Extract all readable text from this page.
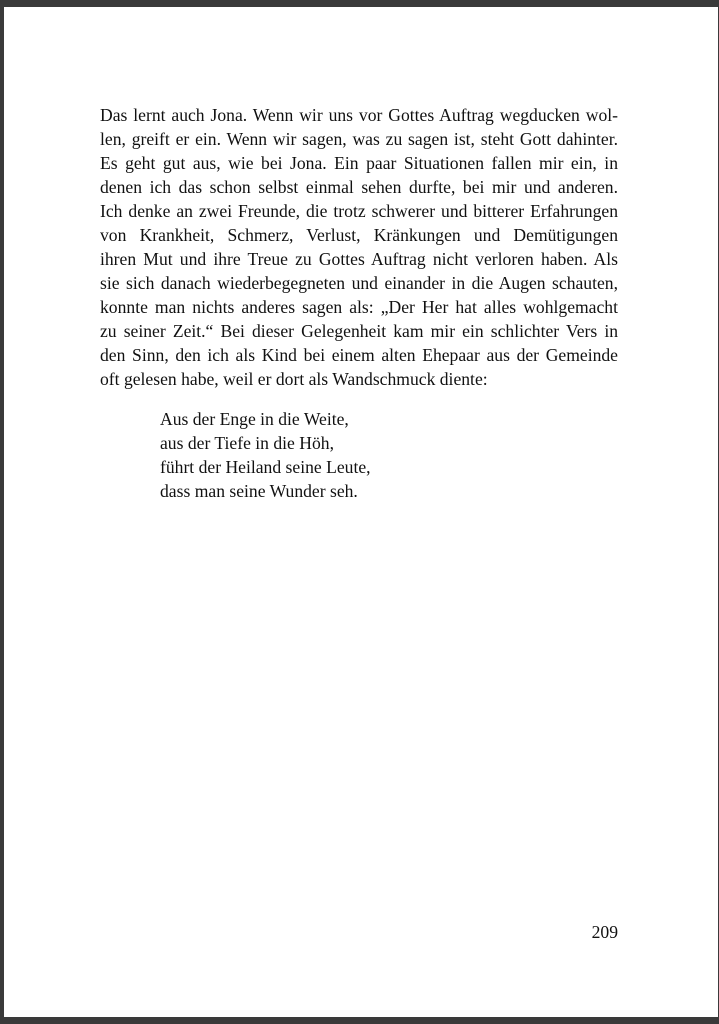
Das lernt auch Jona. Wenn wir uns vor Gottes Auftrag wegducken wol-
len, greift er ein. Wenn wir sagen, was zu sagen ist, steht Gott dahinter.
Es geht gut aus, wie bei Jona. Ein paar Situationen fallen mir ein, in
denen ich das schon selbst einmal sehen durfte, bei mir und anderen.
Ich denke an zwei Freunde, die trotz schwerer und bitterer Erfahrungen
von Krankheit, Schmerz, Verlust, Kränkungen und Demütigungen
ihren Mut und ihre Treue zu Gottes Auftrag nicht verloren haben. Als
sie sich danach wiederbegegneten und einander in die Augen schauten,
konnte man nichts anderes sagen als: „Der Her hat alles wohlgemacht
zu seiner Zeit.“ Bei dieser Gelegenheit kam mir ein schlichter Vers in
den Sinn, den ich als Kind bei einem alten Ehepaar aus der Gemeinde
oft gelesen habe, weil er dort als Wandschmuck diente:
Aus der Enge in die Weite,
aus der Tiefe in die Höh,
führt der Heiland seine Leute,
dass man seine Wunder seh.
209
